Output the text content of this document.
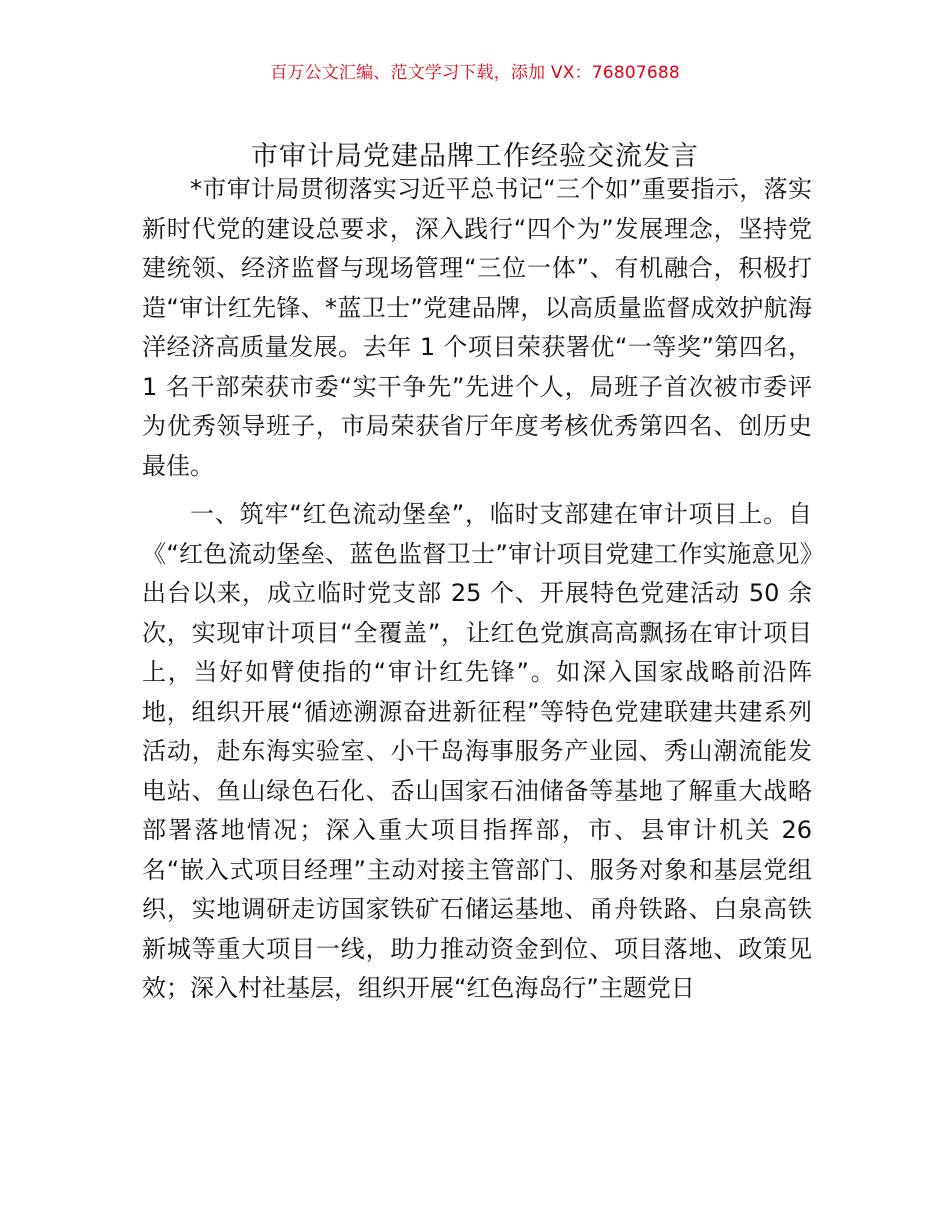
百万公文汇编、范文学习下载，添加 VX：76807688
市审计局党建品牌工作经验交流发言

*市审计局贯彻落实习近平总书记“三个如”重要指示，落实新时代党的建设总要求，深入践行“四个为”发展理念，坚持党建统领、经济监督与现场管理“三位一体”、有机融合，积极打造“审计红先锋、*蓝卫士”党建品牌，以高质量监督成效护航海洋经济高质量发展。去年 1 个项目荣获署优“一等奖”第四名，1 名干部荣获市委“实干争先”先进个人，局班子首次被市委评为优秀领导班子，市局荣获省厅年度考核优秀第四名、创历史最佳。

一、筑牢“红色流动堡垒”，临时支部建在审计项目上。自《“红色流动堡垒、蓝色监督卫士”审计项目党建工作实施意见》出台以来，成立临时党支部 25 个、开展特色党建活动 50 余次，实现审计项目“全覆盖”，让红色党旗高高飘扬在审计项目上，当好如臂使指的“审计红先锋”。如深入国家战略前沿阵地，组织开展“循迹溯源奋进新征程”等特色党建联建共建系列活动，赴东海实验室、小干岛海事服务产业园、秀山潮流能发电站、鱼山绿色石化、岙山国家石油储备等基地了解重大战略部署落地情况；深入重大项目指挥部，市、县审计机关 26 名“嵌入式项目经理”主动对接主管部门、服务对象和基层党组织，实地调研走访国家铁矿石储运基地、甬舟铁路、白泉高铁新城等重大项目一线，助力推动资金到位、项目落地、政策见效；深入村社基层，组织开展“红色海岛行”主题党日
